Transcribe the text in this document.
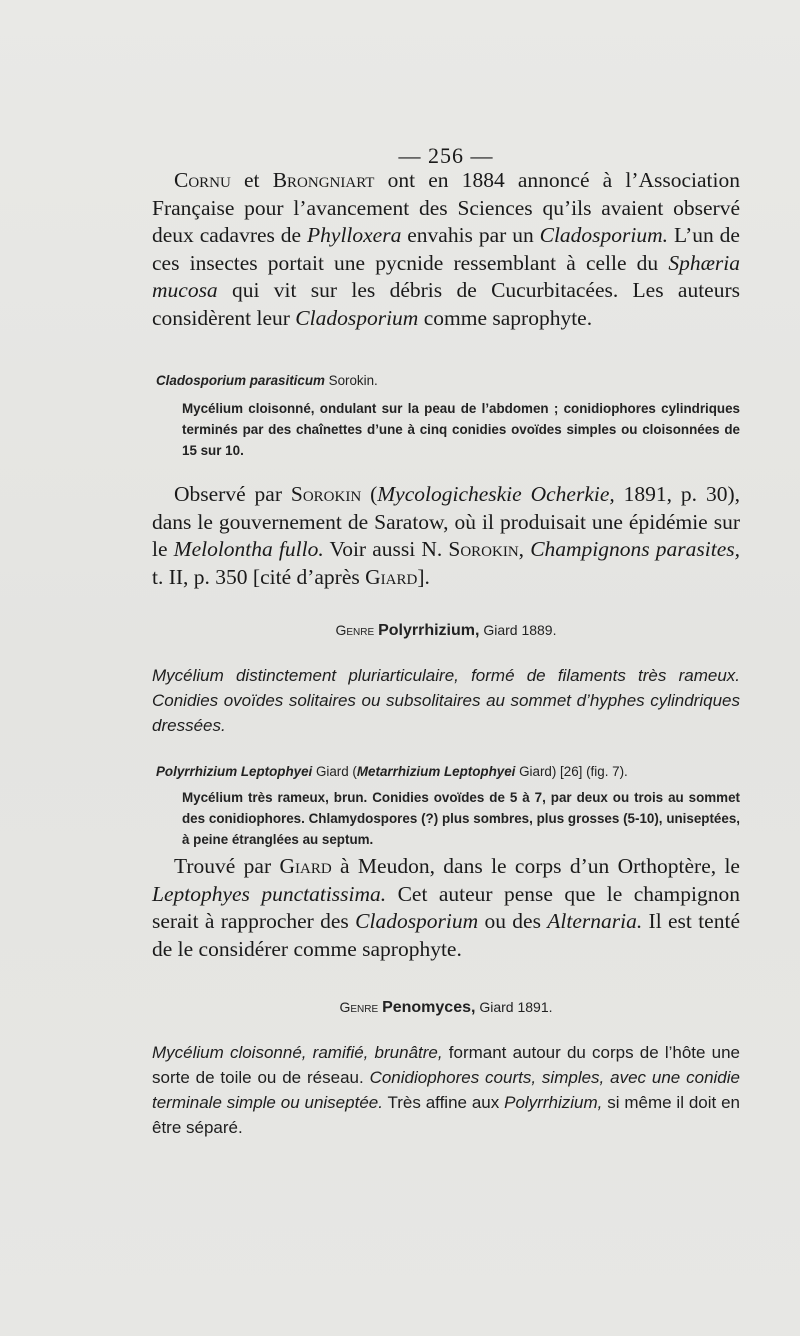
— 256 —

Cornu et Brongniart ont en 1884 annoncé à l’Association Française pour l’avancement des Sciences qu’ils avaient observé deux cadavres de Phylloxera envahis par un Cladosporium. L’un de ces insectes portait une pycnide ressemblant à celle du Sphæria mucosa qui vit sur les débris de Cucurbitacées. Les auteurs considèrent leur Cladosporium comme saprophyte.

Cladosporium parasiticum Sorokin.
Mycélium cloisonné, ondulant sur la peau de l’abdomen ; conidiophores cylindriques terminés par des chaînettes d’une à cinq conidies ovoïdes simples ou cloisonnées de 15 sur 10.

Observé par Sorokin (Mycologicheskie Ocherkie, 1891, p. 30), dans le gouvernement de Saratow, où il produisait une épidémie sur le Melolontha fullo. Voir aussi N. Sorokin, Champignons parasites, t. II, p. 350 [cité d’après Giard].

Genre Polyrrhizium, Giard 1889.
Mycélium distinctement pluriarticulaire, formé de filaments très rameux. Conidies ovoïdes solitaires ou subsolitaires au sommet d’hyphes cylindriques dressées.
Polyrrhizium Leptophyei Giard (Metarrhizium Leptophyei Giard) [26] (fig. 7).
Mycélium très rameux, brun. Conidies ovoïdes de 5 à 7, par deux ou trois au sommet des conidiophores. Chlamydospores (?) plus sombres, plus grosses (5-10), uniseptées, à peine étranglées au septum.

Trouvé par Giard à Meudon, dans le corps d’un Orthoptère, le Leptophyes punctatissima. Cet auteur pense que le champignon serait à rapprocher des Cladosporium ou des Alternaria. Il est tenté de le considérer comme saprophyte.

Genre Penomyces, Giard 1891.
Mycélium cloisonné, ramifié, brunâtre, formant autour du corps de l’hôte une sorte de toile ou de réseau. Conidiophores courts, simples, avec une conidie terminale simple ou uniseptée. Très affine aux Polyrrhizium, si même il doit en être séparé.
